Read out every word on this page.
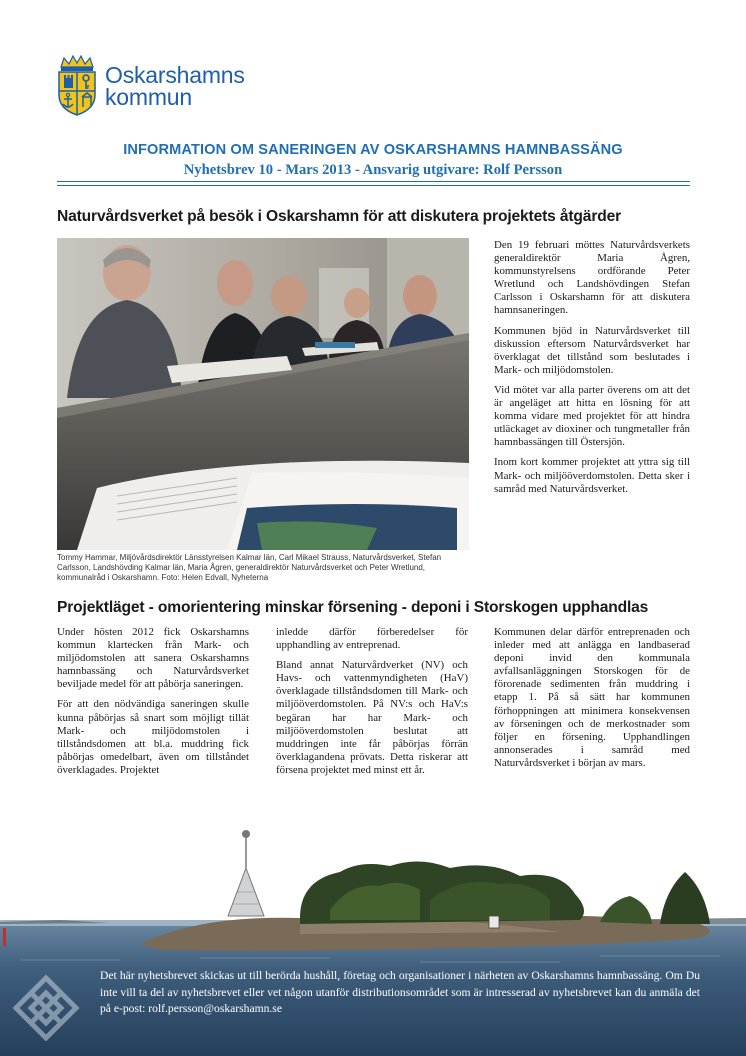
Oskarshamns
kommun
INFORMATION OM SANERINGEN AV OSKARSHAMNS HAMNBASSÄNG
Nyhetsbrev 10 - Mars 2013 - Ansvarig utgivare: Rolf Persson
Naturvårdsverket på besök i Oskarshamn för att diskutera projektets åtgärder
Tommy Hammar, Miljövårdsdirektör Länsstyrelsen Kalmar län, Carl Mikael Strauss, Naturvårdsverket, Stefan Carlsson, Landshövding Kalmar län, Maria Ågren, generaldirektör Naturvårdsverket och Peter Wretlund, kommunalråd i Oskarshamn. Foto: Helen Edvall, Nyheterna

Den 19 februari möttes Naturvårdsverkets generaldirektör Maria Ågren, kommunstyrelsens ordförande Peter Wretlund och Landshövdingen Stefan Carlsson i Oskarshamn för att diskutera hamnsaneringen.

Kommunen bjöd in Naturvårdsverket till diskussion eftersom Naturvårdsverket har överklagat det tillstånd som beslutades i Mark- och miljödomstolen.

Vid mötet var alla parter överens om att det är angeläget att hitta en lösning för att komma vidare med projektet för att hindra utläckaget av dioxiner och tungmetaller från hamnbassängen till Östersjön.

Inom kort kommer projektet att yttra sig till Mark- och miljööverdomstolen. Detta sker i samråd med Naturvårdsverket.

Projektläget - omorientering minskar försening - deponi i Storskogen upphandlas

Under hösten 2012 fick Oskarshamns kommun klartecken från Mark- och miljödomstolen att sanera Oskarshamns hamnbassäng och Naturvårdsverket beviljade medel för att påbörja saneringen.

För att den nödvändiga saneringen skulle kunna påbörjas så snart som möjligt tillät Mark- och miljödomstolen i tillståndsdomen att bl.a. muddring fick påbörjas omedelbart, även om tillståndet överklagades. Projektet

inledde därför förberedelser för upphandling av entreprenad.

Bland annat Naturvårdverket (NV) och Havs- och vattenmyndigheten (HaV) överklagade tillståndsdomen till Mark- och miljööverdomstolen. På NV:s och HaV:s begäran har har Mark- och miljööverdomstolen beslutat att muddringen inte får påbörjas förrän överklagandena prövats. Detta riskerar att försena projektet med minst ett år.

Kommunen delar därför entreprenaden och inleder med att anlägga en landbaserad deponi invid den kommunala avfallsanläggningen Storskogen för de förorenade sedimenten från muddring i etapp 1. På så sätt har kommunen förhoppningen att minimera konsekvensen av förseningen och de merkostnader som följer en försening. Upphandlingen annonserades i samråd med Naturvårdsverket i början av mars.

Det här nyhetsbrevet skickas ut till berörda hushåll, företag och organisationer i närheten av Oskarshamns hamnbassäng. Om Du inte vill ta del av nyhetsbrevet eller vet någon utanför distributionsområdet som är intresserad av nyhetsbrevet kan du anmäla det på e-post: rolf.persson@oskarshamn.se
